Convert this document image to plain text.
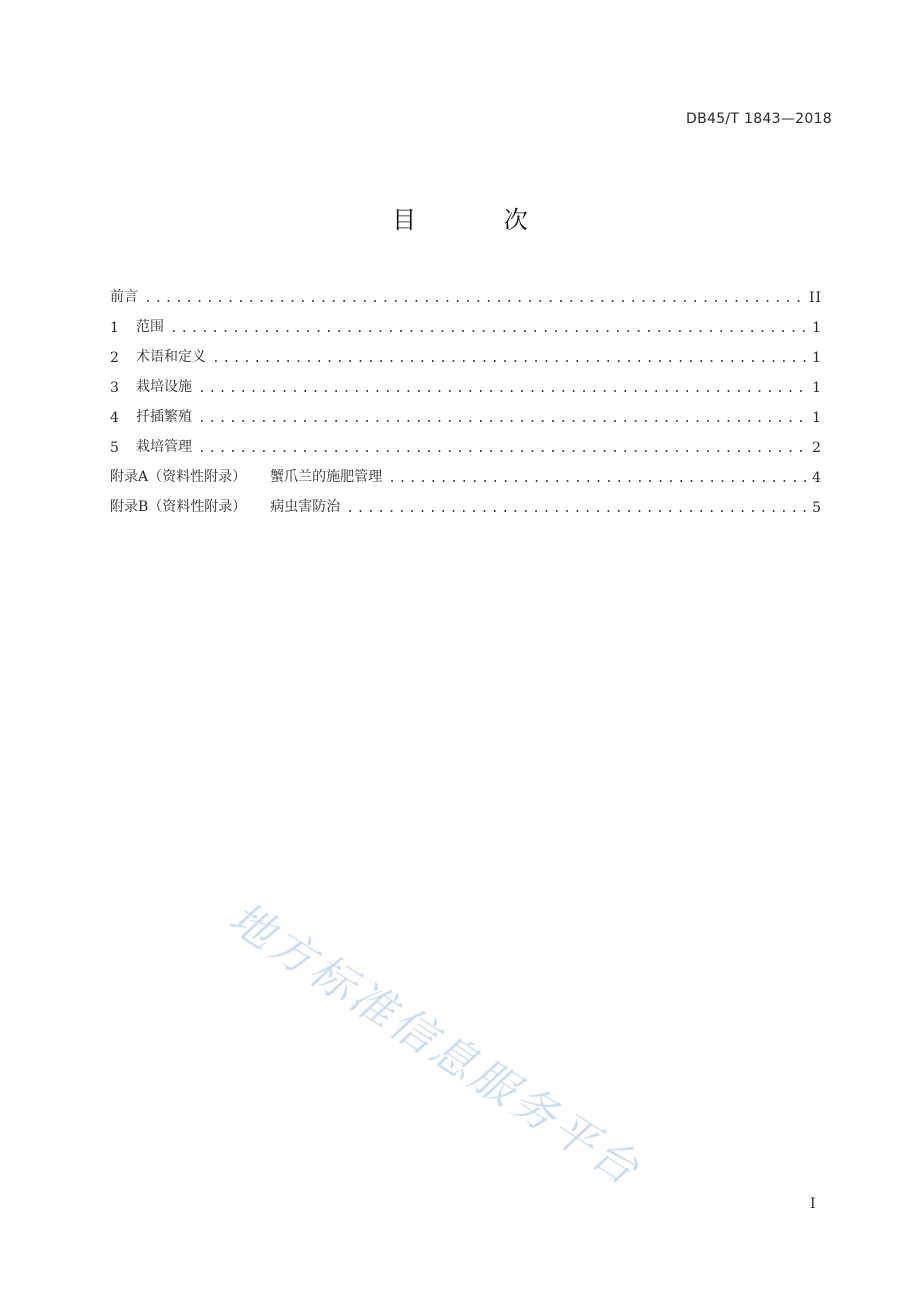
DB45/T 1843—2018

目 次
前言 .....	II
1	范围 .....	1
2	术语和定义 .....	1
3	栽培设施 .....	1
4	扦插繁殖 .....	1
5	栽培管理 .....	2
附录A（资料性附录） 蟹爪兰的施肥管理 .....	4
附录B（资料性附录） 病虫害防治 .....	5

地方标准信息服务平台

I
